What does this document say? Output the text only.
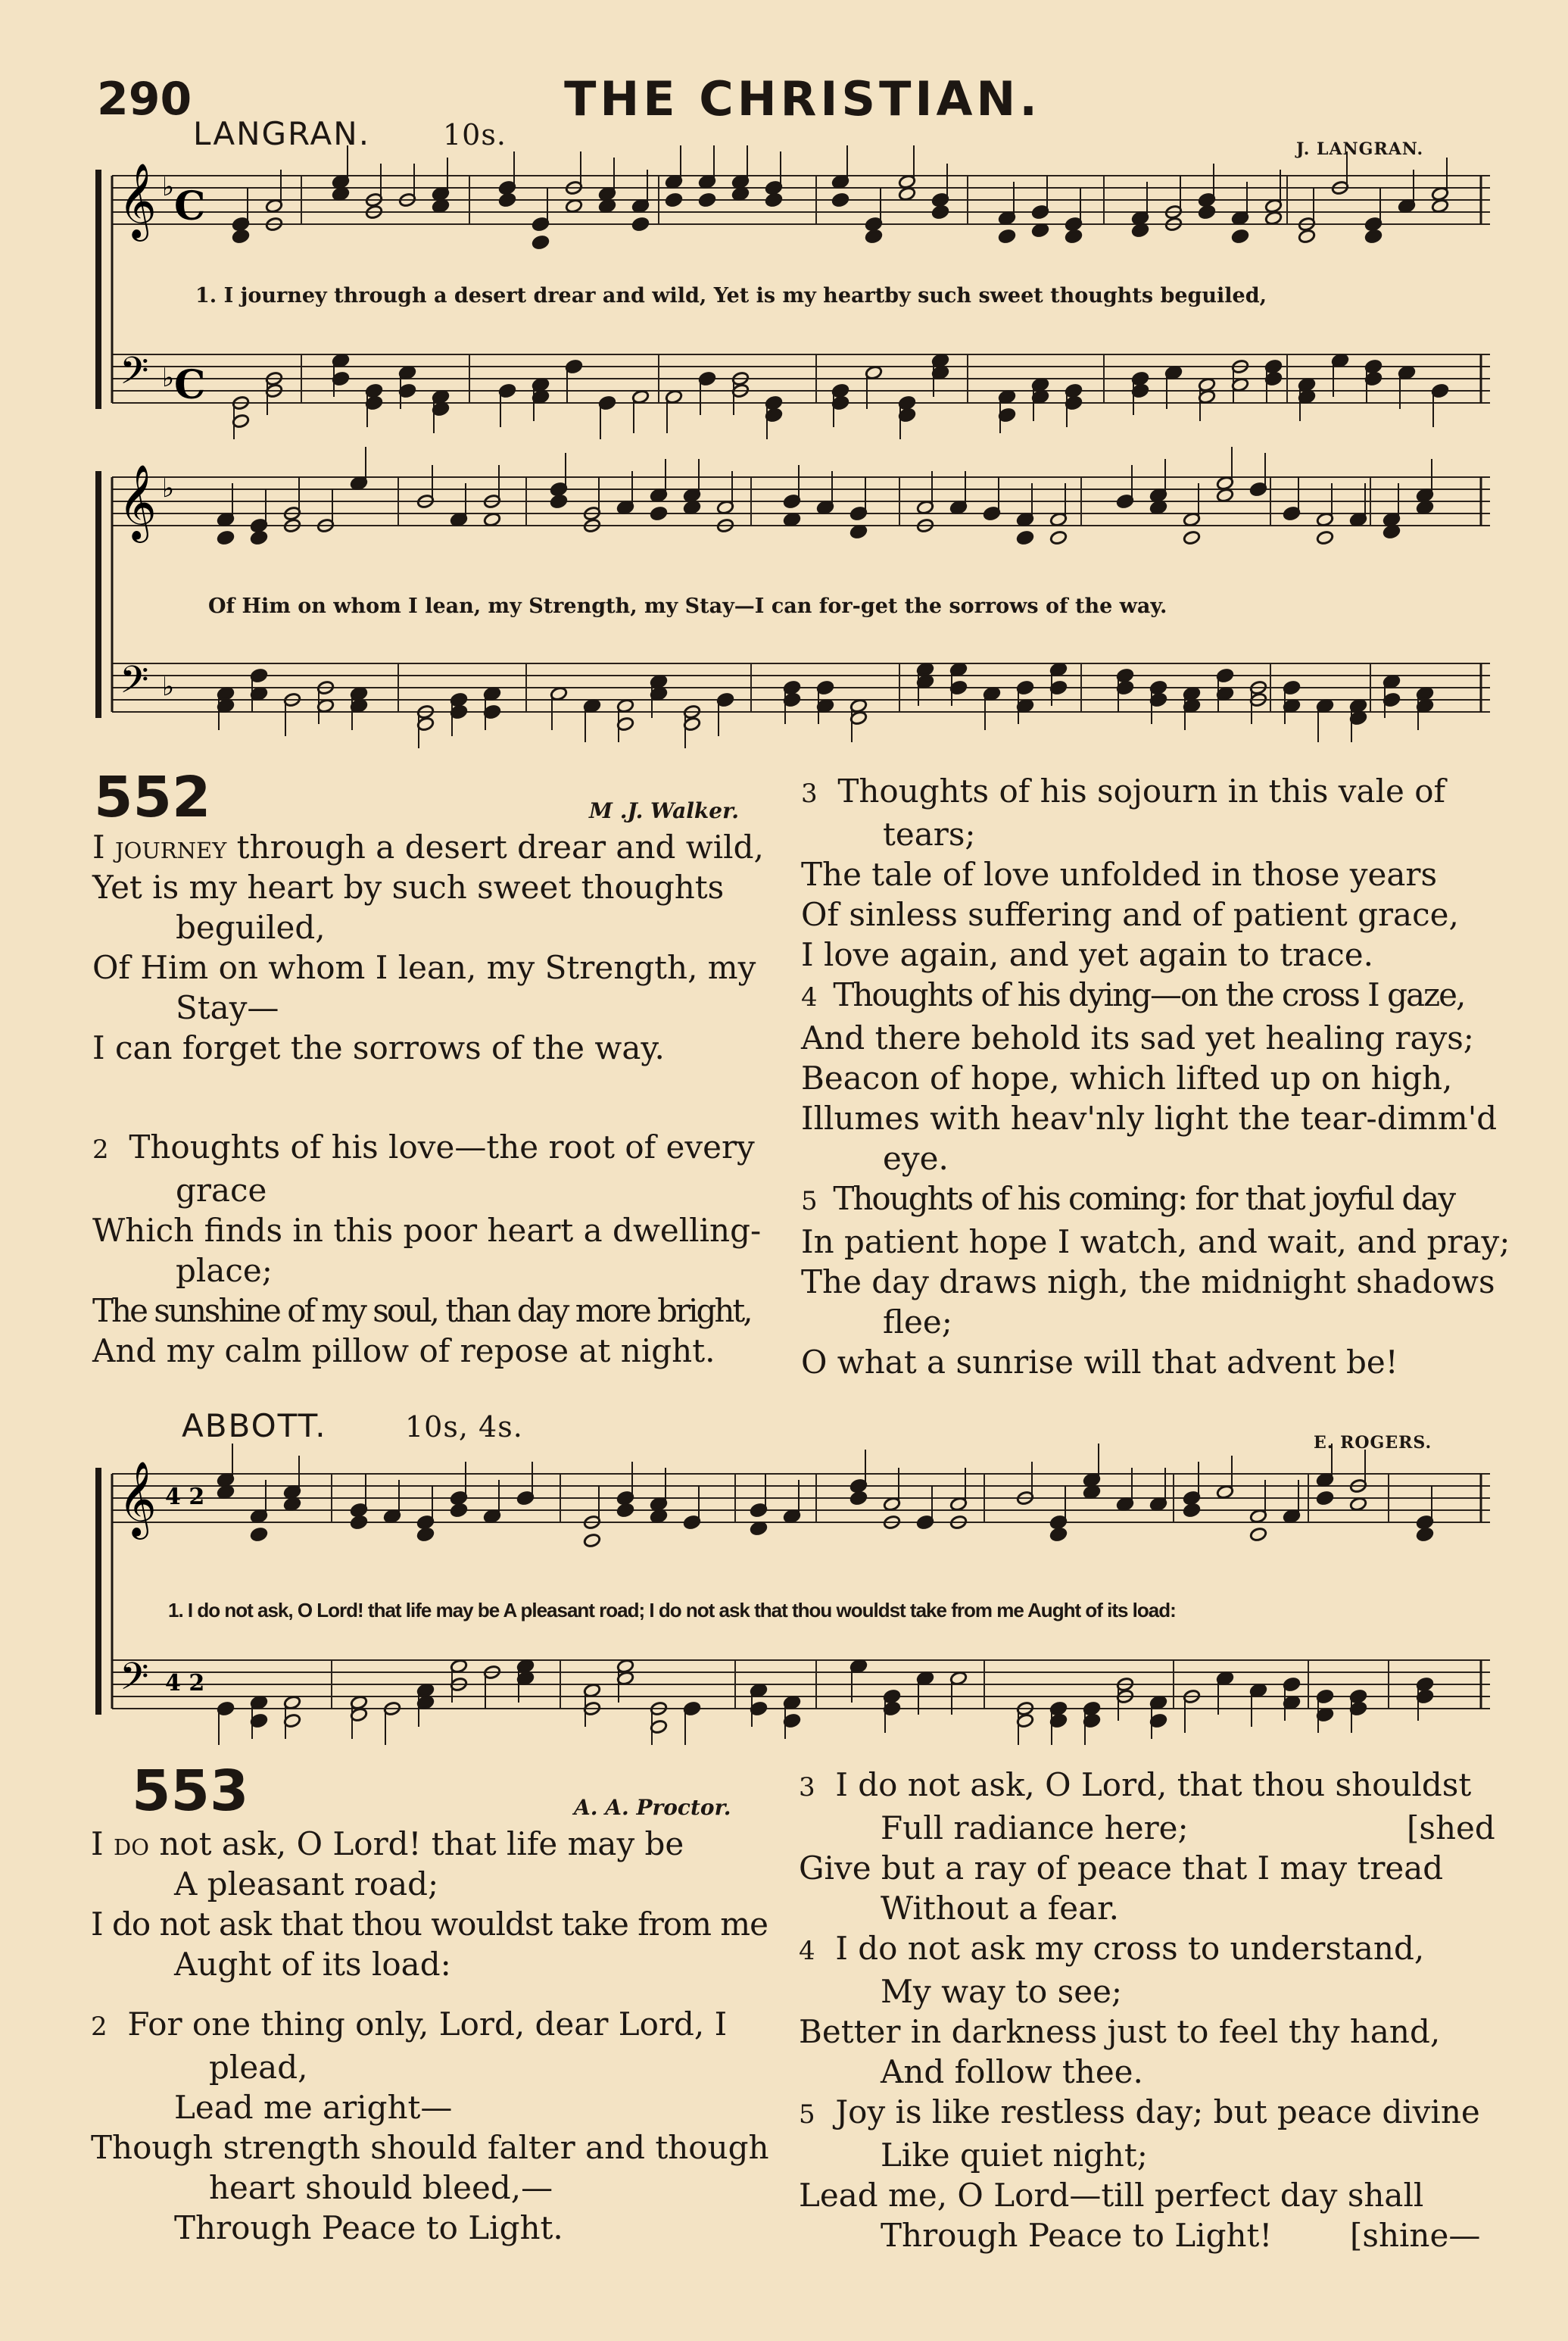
290	THE CHRISTIAN.
LANGRAN.	10s.	J. LANGRAN.
𝄞
𝄢
♭
♭
C
C
1. I journey through a desert drear and wild, Yet is my heartby such sweet thoughts beguiled,
𝄞
𝄢
♭
♭
Of Him on whom I lean, my Strength, my Stay—I can for-get the sorrows of the way.
552	M .J. Walker.
I journey through a desert drear and wild,
Yet is my heart by such sweet thoughts
beguiled,
Of Him on whom I lean, my Strength, my
Stay—
I can forget the sorrows of the way.
2 Thoughts of his love—the root of every
grace
Which finds in this poor heart a dwelling-
place;
The sunshine of my soul, than day more bright,
And my calm pillow of repose at night.
3 Thoughts of his sojourn in this vale of
tears;
The tale of love unfolded in those years
Of sinless suffering and of patient grace,
I love again, and yet again to trace.
4 Thoughts of his dying—on the cross I gaze,
And there behold its sad yet healing rays;
Beacon of hope, which lifted up on high,
Illumes with heav'nly light the tear-dimm'd
eye.
5 Thoughts of his coming: for that joyful day
In patient hope I watch, and wait, and pray;
The day draws nigh, the midnight shadows
flee;
O what a sunrise will that advent be!
ABBOTT.	10s, 4s.	E. ROGERS.
𝄞
𝄢
4 2
4 2
1. I do not ask, O Lord! that life may be A pleasant road; I do not ask that thou wouldst take from me Aught of its load:
553	A. A. Proctor.
I do not ask, O Lord! that life may be
A pleasant road;
I do not ask that thou wouldst take from me
Aught of its load:
2 For one thing only, Lord, dear Lord, I
plead,
Lead me aright—
Though strength should falter and though
heart should bleed,—
Through Peace to Light.
3 I do not ask, O Lord, that thou shouldst
Full radiance here;	[shed
Give but a ray of peace that I may tread
Without a fear.
4 I do not ask my cross to understand,
My way to see;
Better in darkness just to feel thy hand,
And follow thee.
5 Joy is like restless day; but peace divine
Like quiet night;
Lead me, O Lord—till perfect day shall
Through Peace to Light! [shine—
